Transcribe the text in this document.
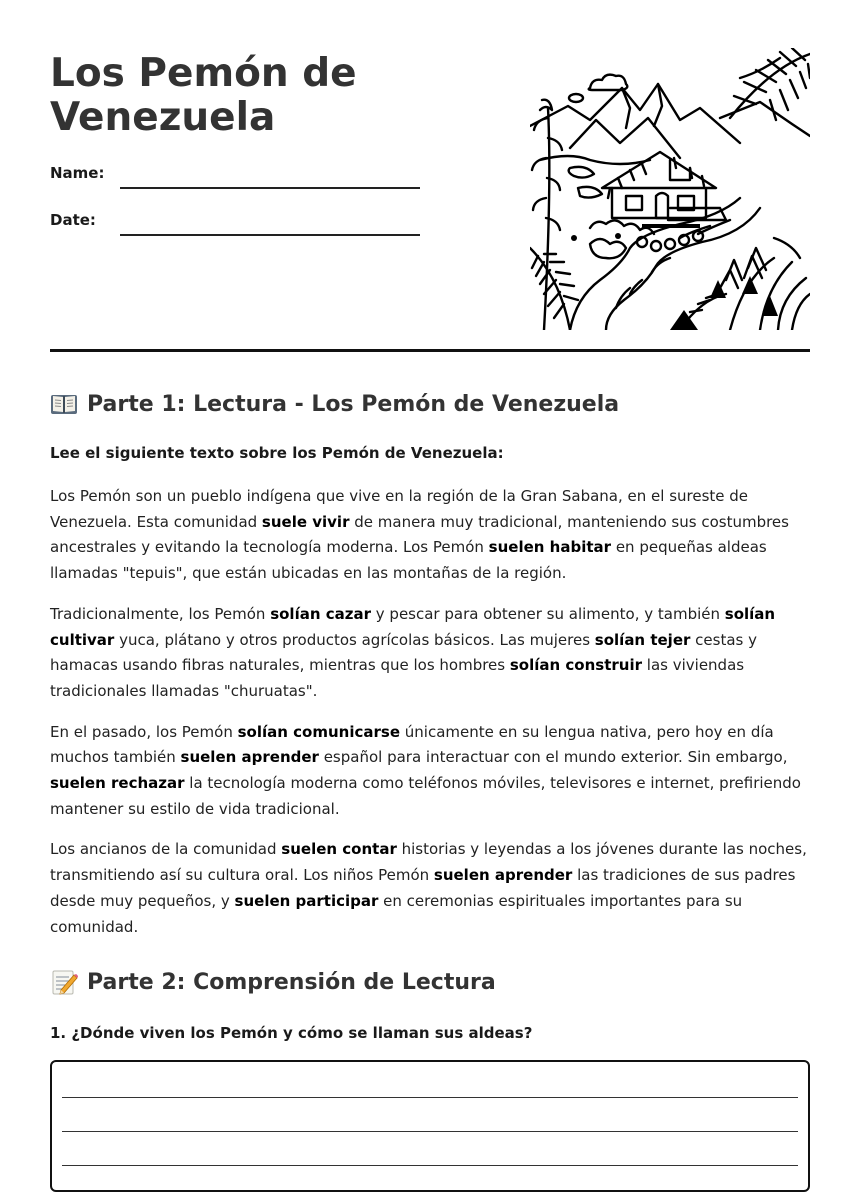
Los Pemón de
Venezuela
Name:
Date:
Parte 1: Lectura - Los Pemón de Venezuela

Lee el siguiente texto sobre los Pemón de Venezuela:

Los Pemón son un pueblo indígena que vive en la región de la Gran Sabana, en el sureste de Venezuela. Esta comunidad suele vivir de manera muy tradicional, manteniendo sus costumbres ancestrales y evitando la tecnología moderna. Los Pemón suelen habitar en pequeñas aldeas llamadas "tepuis", que están ubicadas en las montañas de la región.

Tradicionalmente, los Pemón solían cazar y pescar para obtener su alimento, y también solían cultivar yuca, plátano y otros productos agrícolas básicos. Las mujeres solían tejer cestas y hamacas usando fibras naturales, mientras que los hombres solían construir las viviendas tradicionales llamadas "churuatas".

En el pasado, los Pemón solían comunicarse únicamente en su lengua nativa, pero hoy en día muchos también suelen aprender español para interactuar con el mundo exterior. Sin embargo, suelen rechazar la tecnología moderna como teléfonos móviles, televisores e internet, prefiriendo mantener su estilo de vida tradicional.

Los ancianos de la comunidad suelen contar historias y leyendas a los jóvenes durante las noches, transmitiendo así su cultura oral. Los niños Pemón suelen aprender las tradiciones de sus padres desde muy pequeños, y suelen participar en ceremonias espirituales importantes para su comunidad.

Parte 2: Comprensión de Lectura

1. ¿Dónde viven los Pemón y cómo se llaman sus aldeas?
